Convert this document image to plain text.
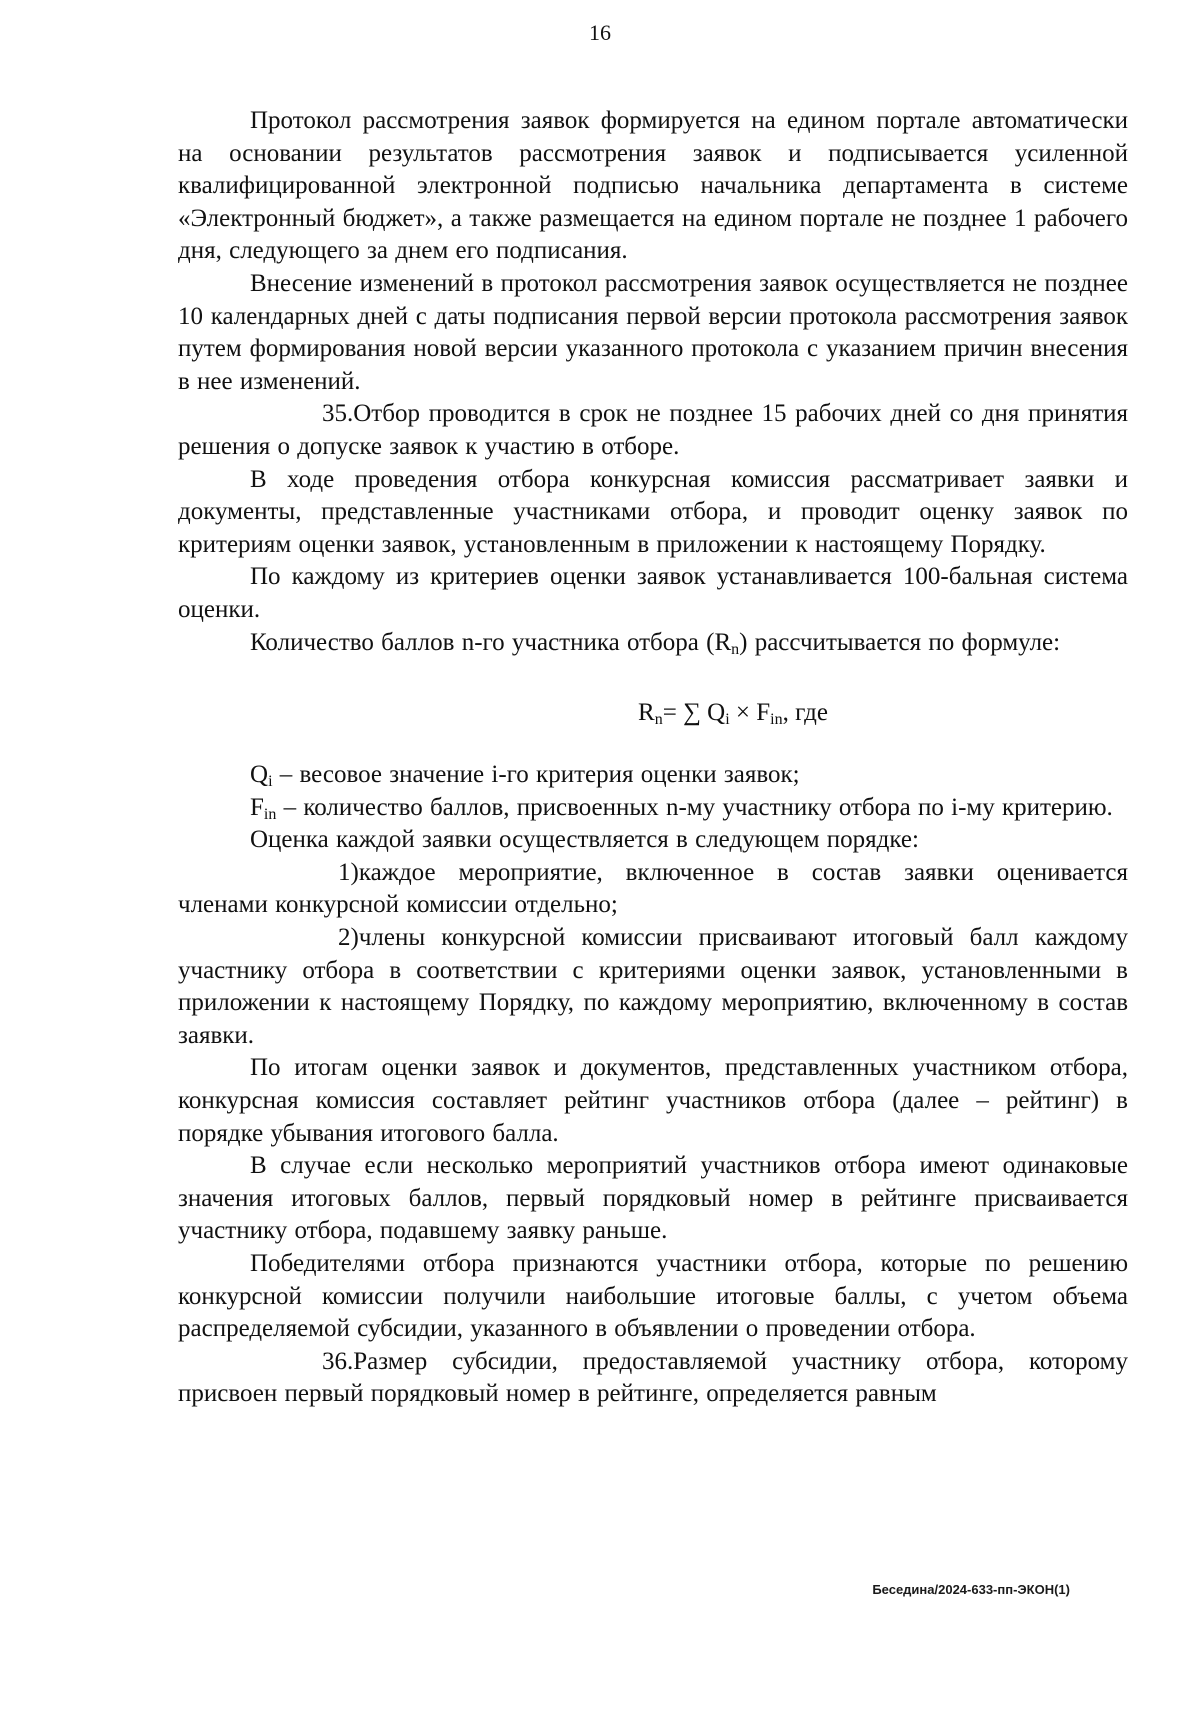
16

Протокол рассмотрения заявок формируется на едином портале автоматически на основании результатов рассмотрения заявок и подписывается усиленной квалифицированной электронной подписью начальника департамента в системе «Электронный бюджет», а также размещается на едином портале не позднее 1 рабочего дня, следующего за днем его подписания.

Внесение изменений в протокол рассмотрения заявок осуществляется не позднее 10 календарных дней с даты подписания первой версии протокола рассмотрения заявок путем формирования новой версии указанного протокола с указанием причин внесения в нее изменений.

35.Отбор проводится в срок не позднее 15 рабочих дней со дня принятия решения о допуске заявок к участию в отборе.

В ходе проведения отбора конкурсная комиссия рассматривает заявки и документы, представленные участниками отбора, и проводит оценку заявок по критериям оценки заявок, установленным в приложении к настоящему Порядку.

По каждому из критериев оценки заявок устанавливается 100-бальная система оценки.

Количество баллов n-го участника отбора $(R_n)$ рассчитывается по формуле:

$R_n=$ ∑ $Q_i \times F_{in}$, где

$Q_i$ – весовое значение i-го критерия оценки заявок;

$F_{in}$ – количество баллов, присвоенных n-му участнику отбора по i-му критерию.

Оценка каждой заявки осуществляется в следующем порядке:

1)каждое мероприятие, включенное в состав заявки оценивается членами конкурсной комиссии отдельно;

2)члены конкурсной комиссии присваивают итоговый балл каждому участнику отбора в соответствии с критериями оценки заявок, установленными в приложении к настоящему Порядку, по каждому мероприятию, включенному в состав заявки.

По итогам оценки заявок и документов, представленных участником отбора, конкурсная комиссия составляет рейтинг участников отбора (далее – рейтинг) в порядке убывания итогового балла.

В случае если несколько мероприятий участников отбора имеют одинаковые значения итоговых баллов, первый порядковый номер в рейтинге присваивается участнику отбора, подавшему заявку раньше.

Победителями отбора признаются участники отбора, которые по решению конкурсной комиссии получили наибольшие итоговые баллы, с учетом объема распределяемой субсидии, указанного в объявлении о проведении отбора.

36.Размер субсидии, предоставляемой участнику отбора, которому присвоен первый порядковый номер в рейтинге, определяется равным

Беседина/2024-633-пп-ЭКОН(1)
